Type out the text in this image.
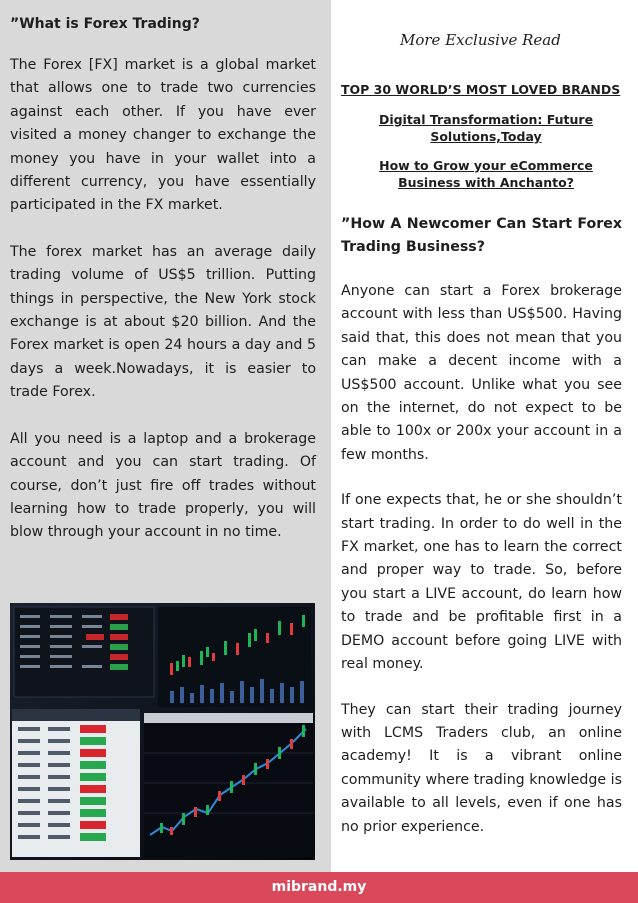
”What is Forex Trading?

The Forex [FX] market is a global market that allows one to trade two currencies against each other. If you have ever visited a money changer to exchange the money you have in your wallet into a different currency, you have essentially participated in the FX market.

The forex market has an average daily trading volume of US$5 trillion. Putting things in perspective, the New York stock exchange is at about $20 billion. And the Forex market is open 24 hours a day and 5 days a week.Nowadays, it is easier to trade Forex.

All you need is a laptop and a brokerage account and you can start trading. Of course, don’t just fire off trades without learning how to trade properly, you will blow through your account in no time.

More Exclusive Read
TOP 30 WORLD’S MOST LOVED BRANDS
Digital Transformation: Future Solutions,Today
How to Grow your eCommerce Business with Anchanto?

”How A Newcomer Can Start Forex Trading Business?

Anyone can start a Forex brokerage account with less than US$500. Having said that, this does not mean that you can make a decent income with a US$500 account. Unlike what you see on the internet, do not expect to be able to 100x or 200x your account in a few months.

If one expects that, he or she shouldn’t start trading. In order to do well in the FX market, one has to learn the correct and proper way to trade. So, before you start a LIVE account, do learn how to trade and be profitable first in a DEMO account before going LIVE with real money.

They can start their trading journey with LCMS Traders club, an online academy! It is a vibrant online community where trading knowledge is available to all levels, even if one has no prior experience.

mibrand.my
